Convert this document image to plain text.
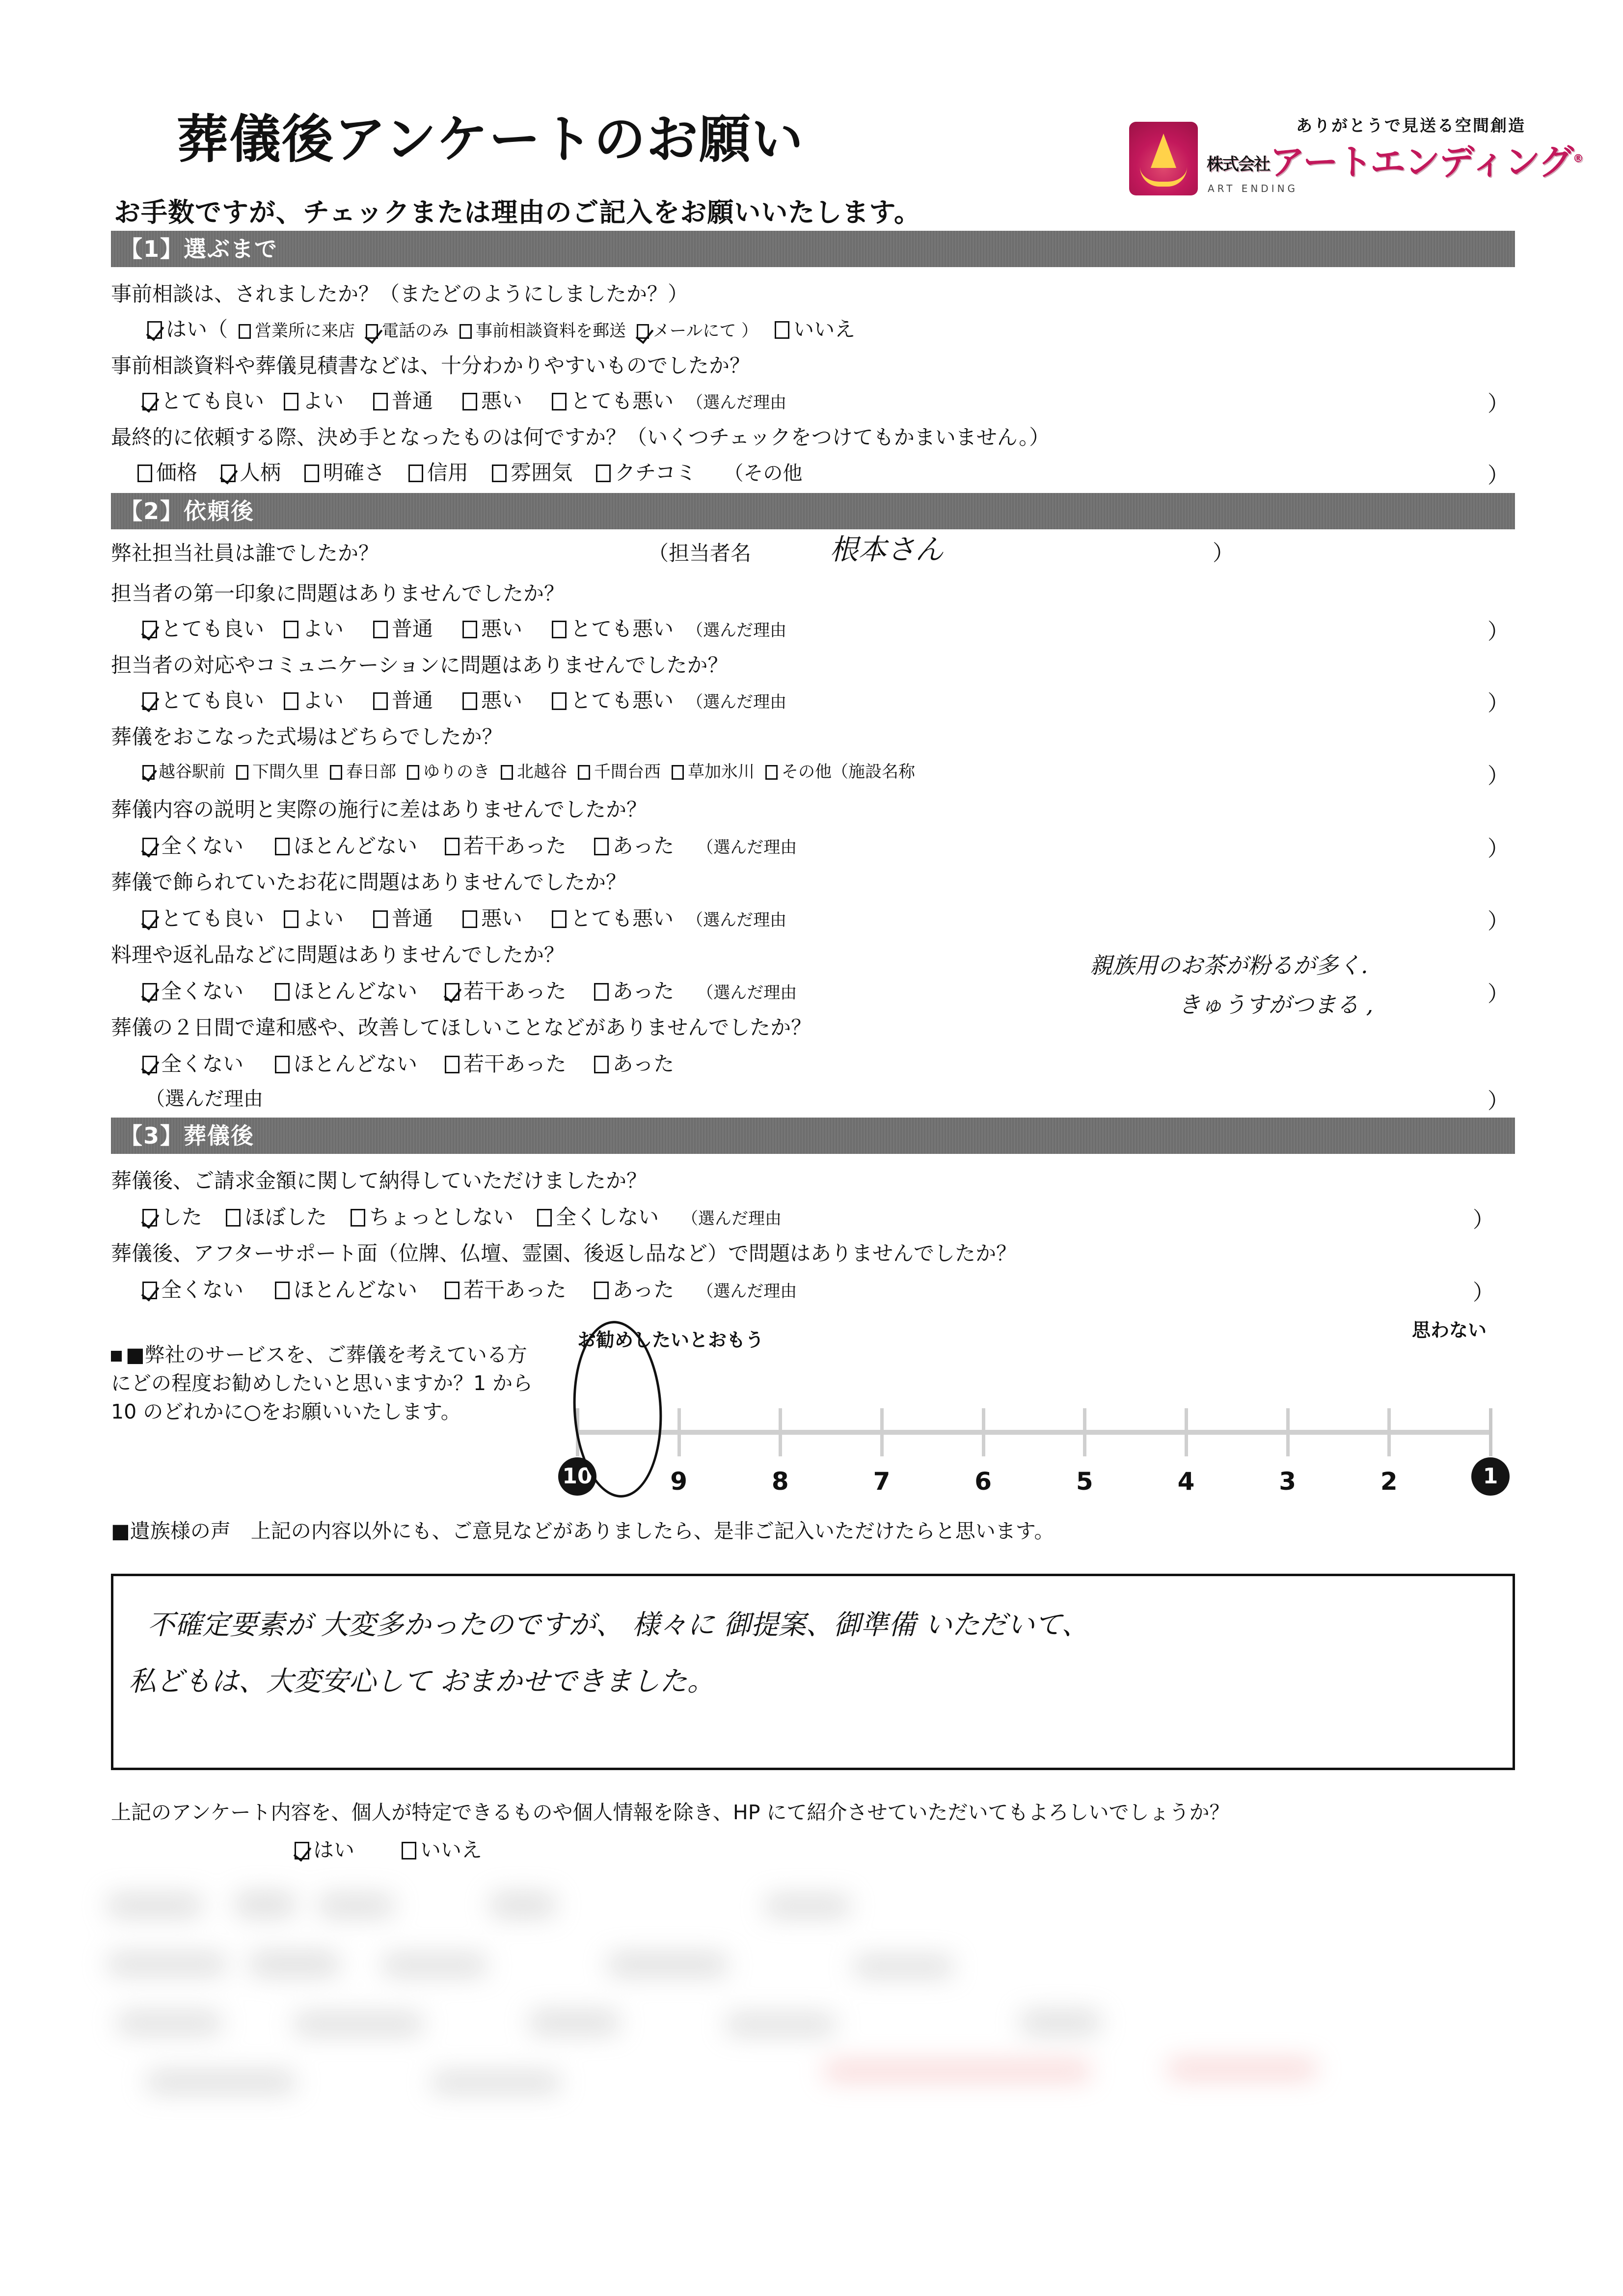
葬儀後アンケートのお願い
お手数ですが、チェックまたは理由のご記入をお願いいたします。
ART ENDING
ありがとうで見送る空間創造
株式会社アートエンディング®
【1】選ぶまで
事前相談は、されましたか？（またどのようにしましたか？）
はい（ 営業所に来店 電話のみ 事前相談資料を郵送 メールにて ） いいえ
事前相談資料や葬儀見積書などは、十分わかりやすいものでしたか？
とても良い よい 普通 悪い とても悪い （選んだ理由	）
最終的に依頼する際、決め手となったものは何ですか？（いくつチェックをつけてもかまいません。）
価格 人柄 明確さ 信用 雰囲気 クチコミ （その他	）
【2】依頼後
弊社担当社員は誰でしたか？	（担当者名	根本さん	）
担当者の第一印象に問題はありませんでしたか？
とても良い よい 普通 悪い とても悪い （選んだ理由	）
担当者の対応やコミュニケーションに問題はありませんでしたか？
とても良い よい 普通 悪い とても悪い （選んだ理由	）
葬儀をおこなった式場はどちらでしたか？
越谷駅前 下間久里 春日部 ゆりのき 北越谷 千間台西 草加氷川 その他（施設名称	）
葬儀内容の説明と実際の施行に差はありませんでしたか？
全くない ほとんどない 若干あった あった （選んだ理由	）
葬儀で飾られていたお花に問題はありませんでしたか？
とても良い よい 普通 悪い とても悪い （選んだ理由	）
料理や返礼品などに問題はありませんでしたか？
全くない ほとんどない 若干あった あった （選んだ理由
親族用のお茶が粉るが多く.
きゅうすがつまる ,	）
葬儀の２日間で違和感や、改善してほしいことなどがありませんでしたか？
全くない ほとんどない 若干あった あった
（選んだ理由	）
【3】葬儀後
葬儀後、ご請求金額に関して納得していただけましたか？
した ほぼした ちょっとしない 全くしない （選んだ理由	）
葬儀後、アフターサポート面（位牌、仏壇、霊園、後返し品など）で問題はありませんでしたか？
全くない ほとんどない 若干あった あった （選んだ理由	）
■弊社のサービスを、ご葬儀を考えている方にどの程度お勧めしたいと思いますか？1 から 10 のどれかに○をお願いいたします。
お勧めしたいとおもう	思わない
10	9	8	7	6	5	4	3	2	1
■遺族様の声　上記の内容以外にも、ご意見などがありましたら、是非ご記入いただけたらと思います。
不確定要素が 大変多かったのですが、 様々に 御提案、御準備 いただいて、
私どもは、大変安心して おまかせできました。
上記のアンケート内容を、個人が特定できるものや個人情報を除き、HP にて紹介させていただいてもよろしいでしょうか？
はい	いいえ
